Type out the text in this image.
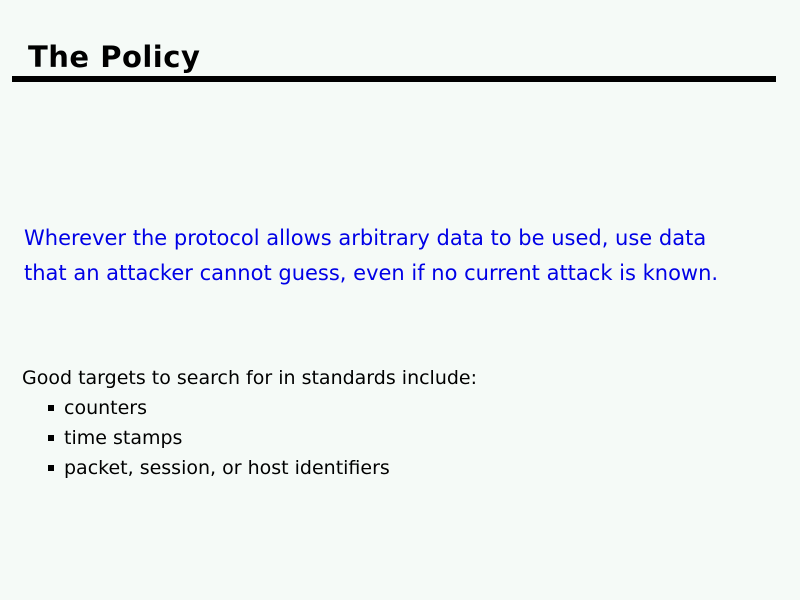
The Policy
Wherever the protocol allows arbitrary data to be used, use data
that an attacker cannot guess, even if no current attack is known.
Good targets to search for in standards include:
counters
time stamps
packet, session, or host identifiers
